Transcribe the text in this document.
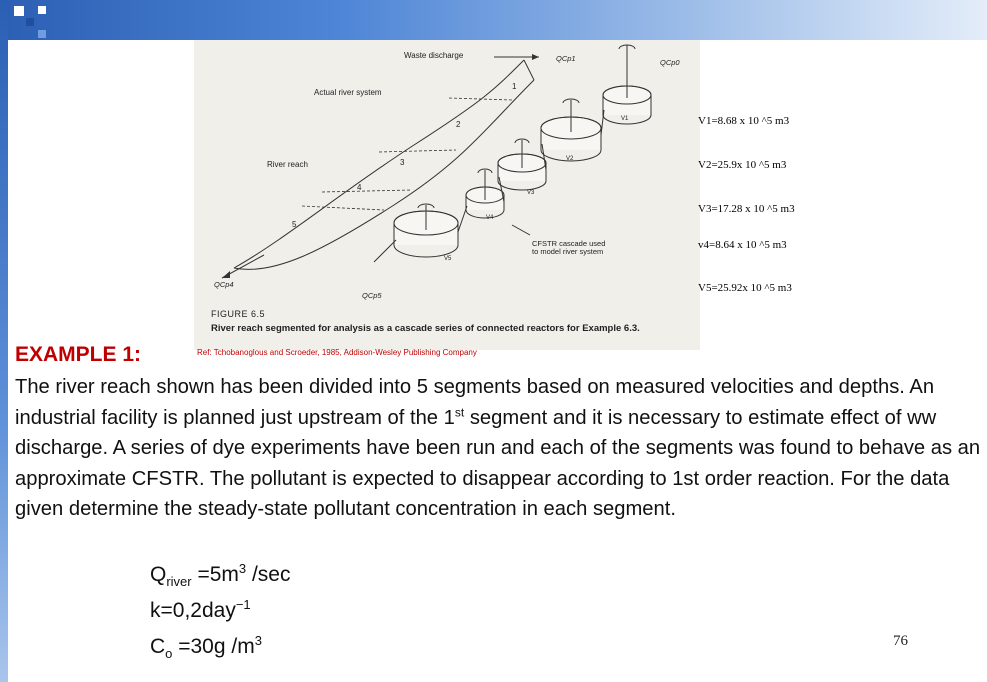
Waste discharge
Actual river system
River reach
CFSTR cascade used
to model river system
QCp1	QCp0
QCp4
QCp5
1
2
3
4
5
V1
V2
V3
V4
V5
FIGURE 6.5
River reach segmented for analysis as a cascade series of connected reactors for Example 6.3.
V1=8.68 x 10 ^5 m3
V2=25.9x 10 ^5 m3
V3=17.28 x 10 ^5 m3
v4=8.64 x 10 ^5 m3
V5=25.92x 10 ^5 m3
EXAMPLE 1:	Ref: Tchobanoglous and Scroeder, 1985, Addison-Wesley Publishing Company
The river reach shown has been divided into 5 segments based on measured velocities and depths. An industrial facility is planned just upstream of the 1st segment and it is necessary to estimate effect of ww discharge. A series of dye experiments have been run and each of the segments was found to behave as an approximate CFSTR. The pollutant is expected to disappear according to 1st order reaction. For the data given determine the steady-state pollutant concentration in each segment.
$Q_{river} =5m^3$ /sec
k=0,2day$^{-1}$
$C_o =30g$ $/m^3$	76
